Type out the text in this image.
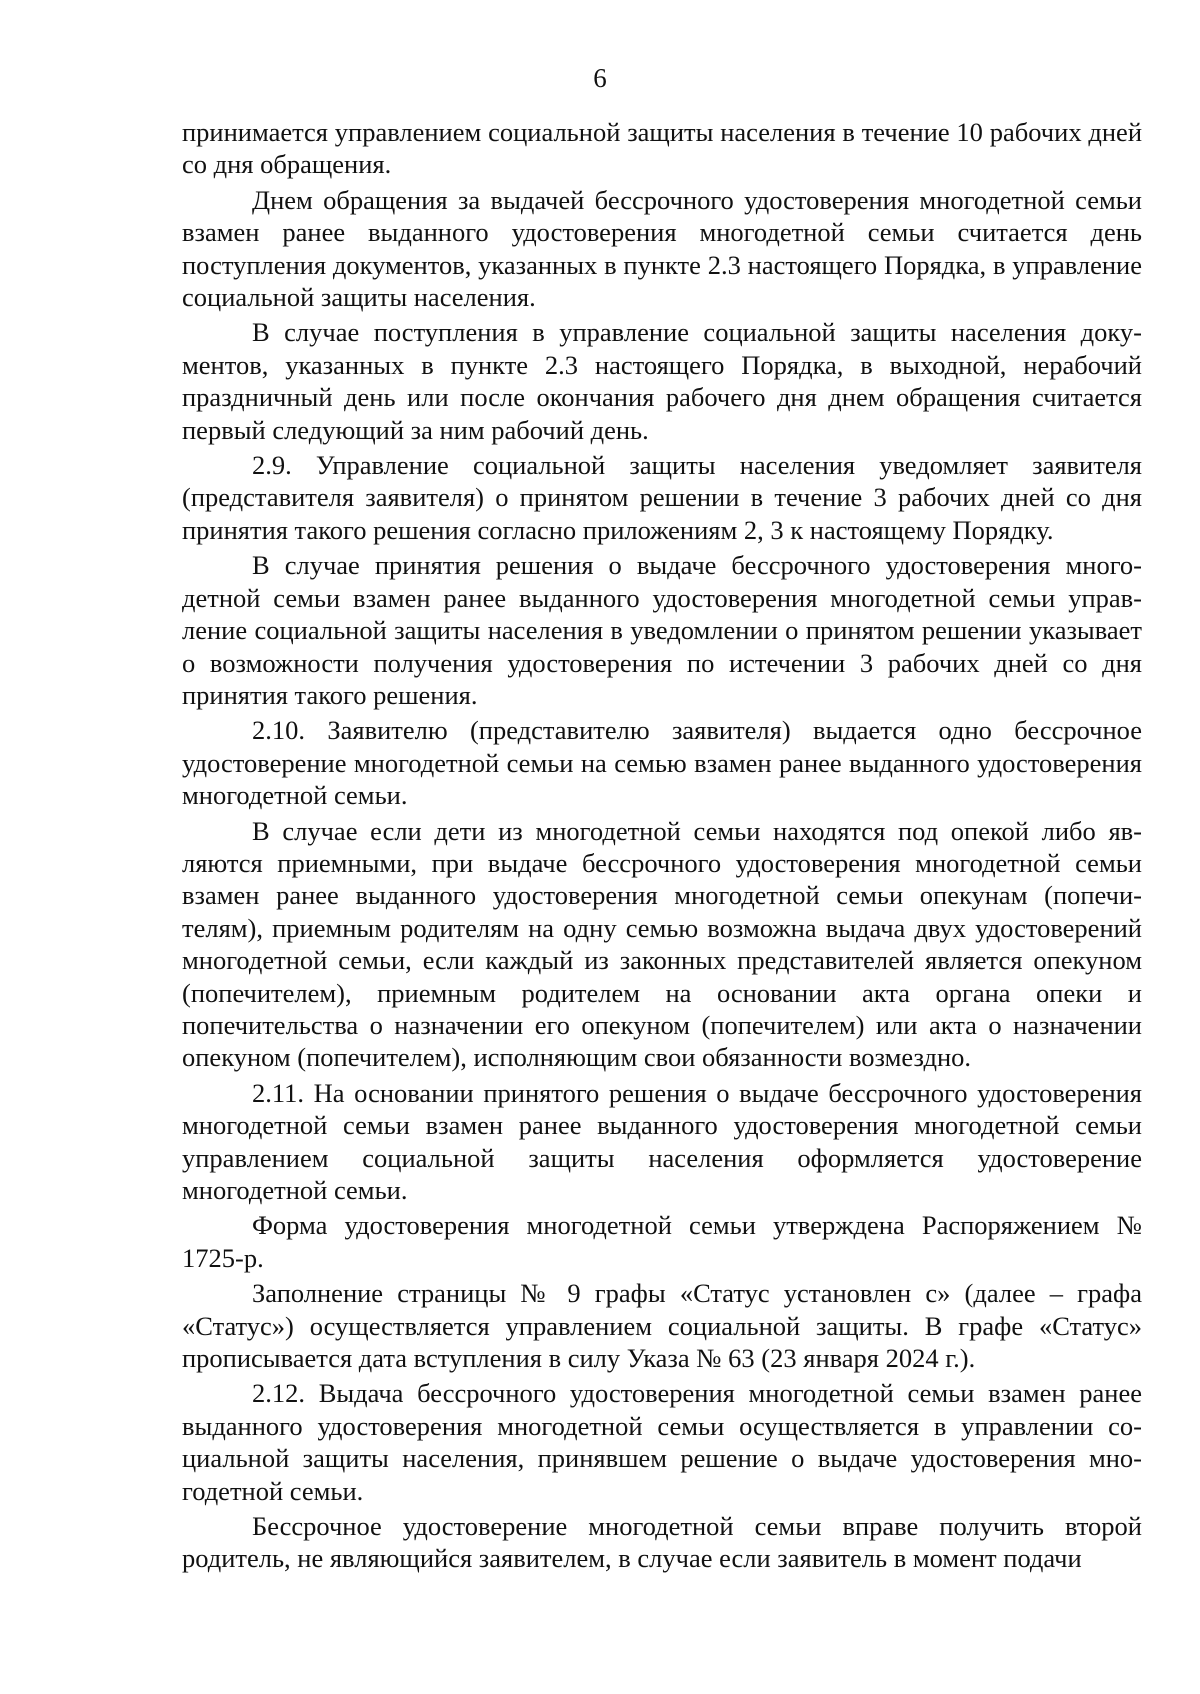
6

принимается управлением социальной защиты населения в течение 10 рабочих дней со дня обращения.

Днем обращения за выдачей бессрочного удостоверения многодетной семьи взамен ранее выданного удостоверения многодетной семьи считается день поступления документов, указанных в пункте 2.3 настоящего Порядка, в управление социальной защиты населения.

В случае поступления в управление социальной защиты населения документов, указанных в пункте 2.3 настоящего Порядка, в выходной, нерабочий праздничный день или после окончания рабочего дня днем обращения считается первый следующий за ним рабочий день.

2.9. Управление социальной защиты населения уведомляет заявителя (представителя заявителя) о принятом решении в течение 3 рабочих дней со дня принятия такого решения согласно приложениям 2, 3 к настоящему Порядку.

В случае принятия решения о выдаче бессрочного удостоверения многодетной семьи взамен ранее выданного удостоверения многодетной семьи управление социальной защиты населения в уведомлении о принятом решении указывает о возможности получения удостоверения по истечении 3 рабочих дней со дня принятия такого решения.

2.10. Заявителю (представителю заявителя) выдается одно бессрочное удостоверение многодетной семьи на семью взамен ранее выданного удостоверения многодетной семьи.

В случае если дети из многодетной семьи находятся под опекой либо являются приемными, при выдаче бессрочного удостоверения многодетной семьи взамен ранее выданного удостоверения многодетной семьи опекунам (попечителям), приемным родителям на одну семью возможна выдача двух удостоверений многодетной семьи, если каждый из законных представителей является опекуном (попечителем), приемным родителем на основании акта органа опеки и попечительства о назначении его опекуном (попечителем) или акта о назначении опекуном (попечителем), исполняющим свои обязанности возмездно.

2.11. На основании принятого решения о выдаче бессрочного удостоверения многодетной семьи взамен ранее выданного удостоверения многодетной семьи управлением социальной защиты населения оформляется удостоверение многодетной семьи.

Форма удостоверения многодетной семьи утверждена Распоряжением № 1725-р.

Заполнение страницы № 9 графы «Статус установлен с» (далее – графа «Статус») осуществляется управлением социальной защиты. В графе «Статус» прописывается дата вступления в силу Указа № 63 (23 января 2024 г.).

2.12. Выдача бессрочного удостоверения многодетной семьи взамен ранее выданного удостоверения многодетной семьи осуществляется в управлении социальной защиты населения, принявшем решение о выдаче удостоверения многодетной семьи.

Бессрочное удостоверение многодетной семьи вправе получить второй родитель, не являющийся заявителем, в случае если заявитель в момент подачи
